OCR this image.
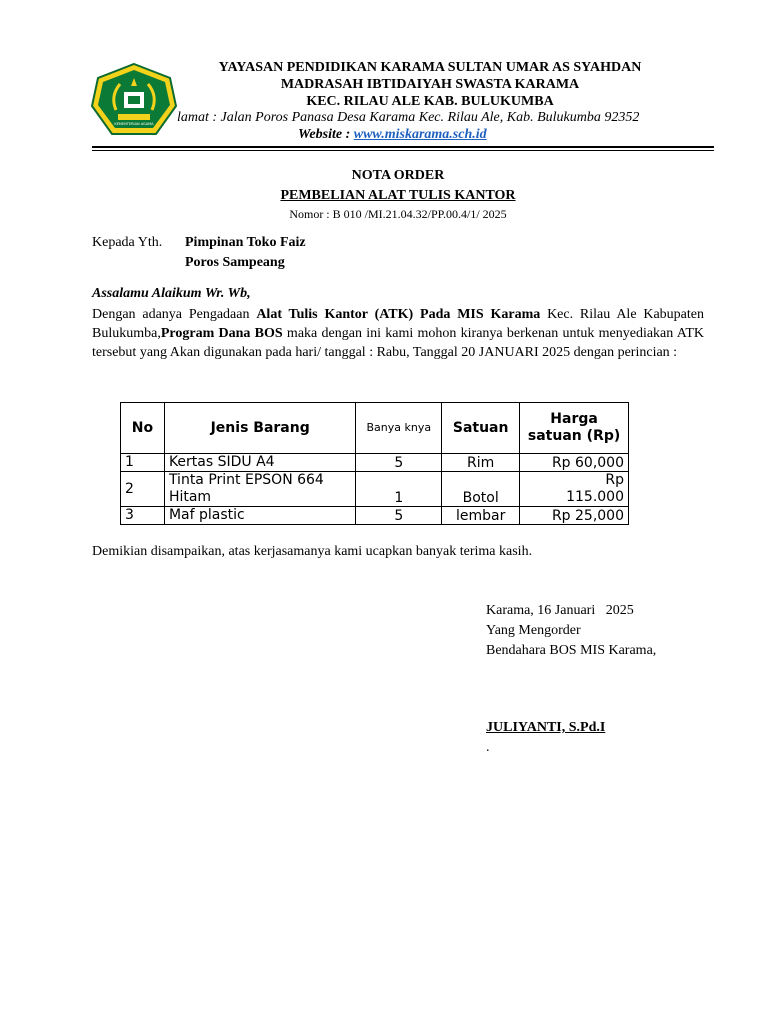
KEMENTERIAN AGAMA
YAYASAN PENDIDIKAN KARAMA SULTAN UMAR AS SYAHDAN
MADRASAH IBTIDAIYAH SWASTA KARAMA
KEC. RILAU ALE KAB. BULUKUMBA
lamat : Jalan Poros Panasa Desa Karama Kec. Rilau Ale, Kab. Bulukumba 92352
Website : www.miskarama.sch.id
NOTA ORDER
PEMBELIAN ALAT TULIS KANTOR
Nomor : B 010 /MI.21.04.32/PP.00.4/1/ 2025
Kepada Yth. Pimpinan Toko Faiz
Poros Sampeang
Assalamu Alaikum Wr. Wb,
Dengan adanya Pengadaan Alat Tulis Kantor (ATK) Pada MIS Karama Kec. Rilau Ale Kabupaten Bulukumba,Program Dana BOS maka dengan ini kami mohon kiranya berkenan untuk menyediakan ATK tersebut yang Akan digunakan pada hari/ tanggal : Rabu, Tanggal 20 JANUARI 2025 dengan perincian :
No	Jenis Barang	Banya knya	Satuan	Harga satuan (Rp)
1	Kertas SIDU A4	5	Rim	Rp 60,000
2	Tinta Print EPSON 664 Hitam	1	Botol	Rp 115.000
3	Maf plastic	5	lembar	Rp 25,000
Demikian disampaikan, atas kerjasamanya kami ucapkan banyak terima kasih.
Karama, 16 Januari   2025
Yang Mengorder
Bendahara BOS MIS Karama,
JULIYANTI, S.Pd.I
.
